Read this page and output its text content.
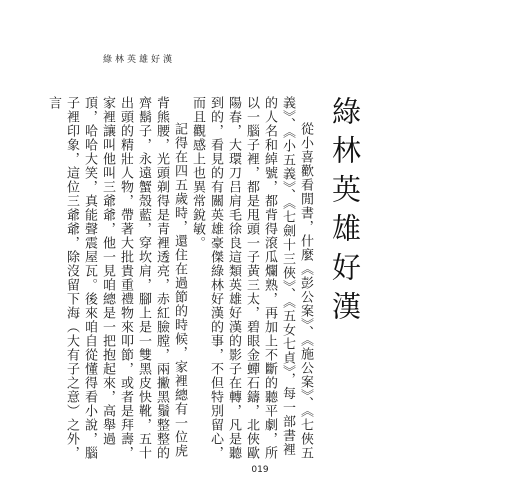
綠林英雄好漢
綠林英雄好漢

從小喜歡看閒書，什麼《彭公案》、《施公案》、《七俠五義》、《小五義》、《七劍十三俠》、《五女七貞》，每一部書裡的人名和綽號，都背得滾瓜爛熟，再加上不斷的聽平劇，所以一腦子裡，都是甩頭一子黃三太，碧眼金蟬石鑄，北俠歐陽春，大環刀吕肩毛徐良這類英雄好漢的影子在轉，凡是聽到的，看見的有關英雄豪傑綠林好漢的事，不但特別留心，而且觀感上也異常銳敏。

記得在四五歲時，還住在過節的時候，家裡總有一位虎背熊腰，光頭剃得是青裡透亮，赤紅臉膛，兩撇黑鬚整整的齊鬍子，永遠蟹殼藍，穿坎肩，腳上是一雙黑皮快靴，五十出頭的精壯人物，帶著大批貴重禮物來叩節，或者是拜壽，家裡讓叫他叫三爺爺，他一見咱總是一把抱起來，高舉過頂，哈哈大笑，真能聲震屋瓦。後來咱自從懂得看小說，腦子裡印象，這位三爺爺，除沒留下海（大有子之意）之外，言

019
